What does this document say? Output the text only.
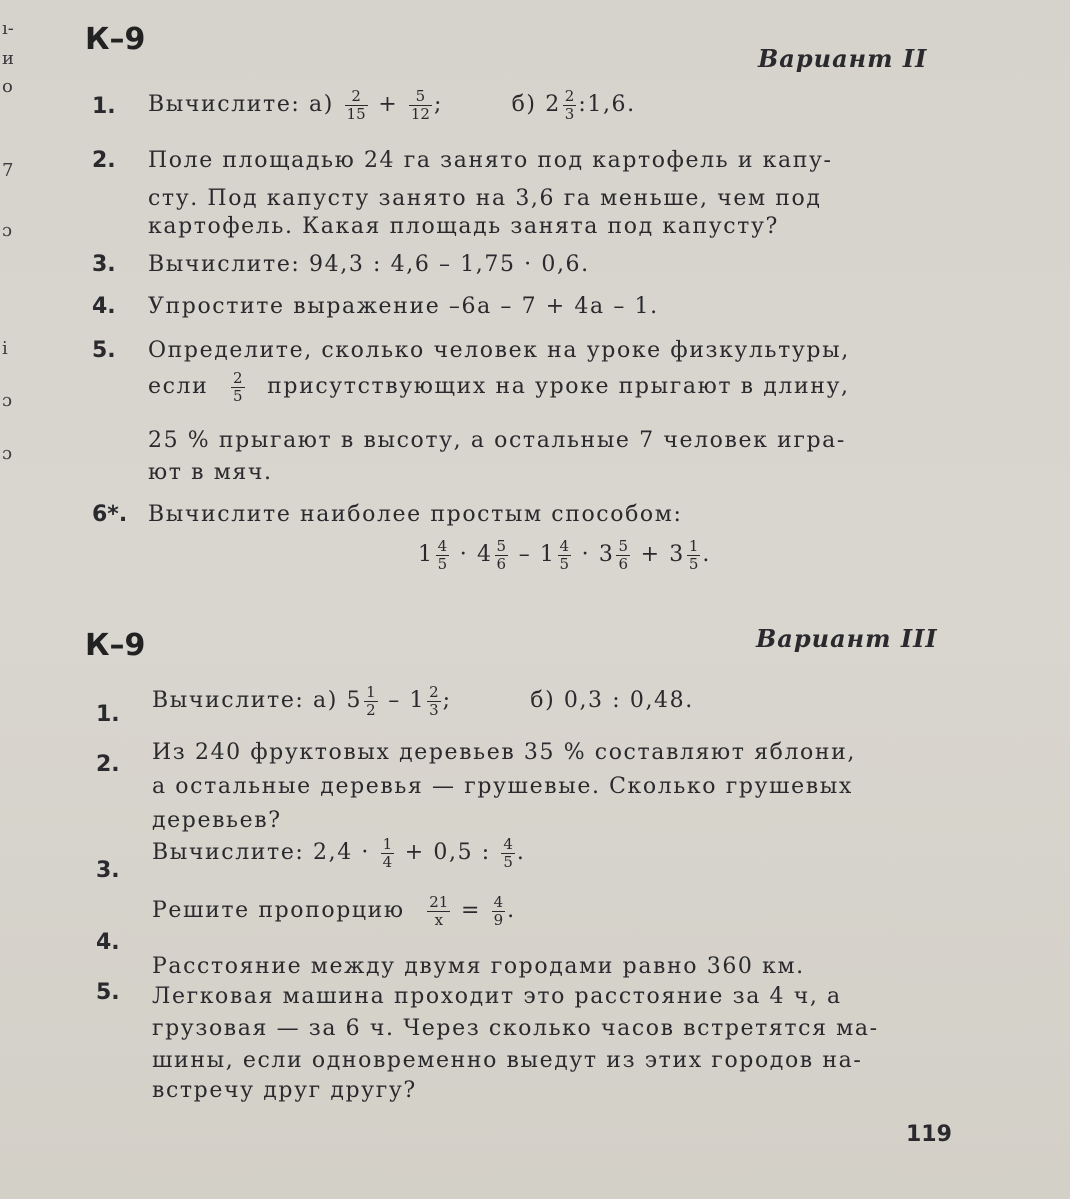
ı-
и
о
7
ɔ
i
ɔ
ɔ
К–9
Вариант II
1. Вычислите: $а) \frac{2}{15} + \frac{5}{12}$ ;	б) $2 \frac{2}{3}$ :1,6.
2. Поле площадью 24 га занято под картофель и капу-
сту. Под капусту занято на 3,6 га меньше, чем под
картофель. Какая площадь занята под капусту?
3. Вычислите: 94,3 : 4,6 – 1,75 · 0,6.
4. Упростите выражение –6a – 7 + 4a – 1.
5. Определите, сколько человек на уроке физкультуры,
если $\frac{2}{5}$ присутствующих на уроке прыгают в длину,
25 % прыгают в высоту, а остальные 7 человек игра-
ют в мяч.
6*. Вычислите наиболее простым способом:
$1 \frac{4}{5} \cdot 4 \frac{5}{6} - 1 \frac{4}{5} \cdot 3 \frac{5}{6} + 3 \frac{1}{5}$ .
К–9	Вариант III
1.
Вычислите: а) $5 \frac{1}{2} - 1 \frac{2}{3}$ ;	б) 0,3 : 0,48.
2. Из 240 фруктовых деревьев 35 % составляют яблони,
а остальные деревья — грушевые. Сколько грушевых
деревьев?
3.
Вычислите: $2,4 \cdot \frac{1}{4} + 0,5$ : $\frac{4}{5}$ .
4.
Решите пропорцию $\frac{21}{x} = \frac{4}{9}$ .
5.
Расстояние между двумя городами равно 360 км.
Легковая машина проходит это расстояние за 4 ч, а
грузовая — за 6 ч. Через сколько часов встретятся ма-
шины, если одновременно выедут из этих городов на-
встречу друг другу?
119
